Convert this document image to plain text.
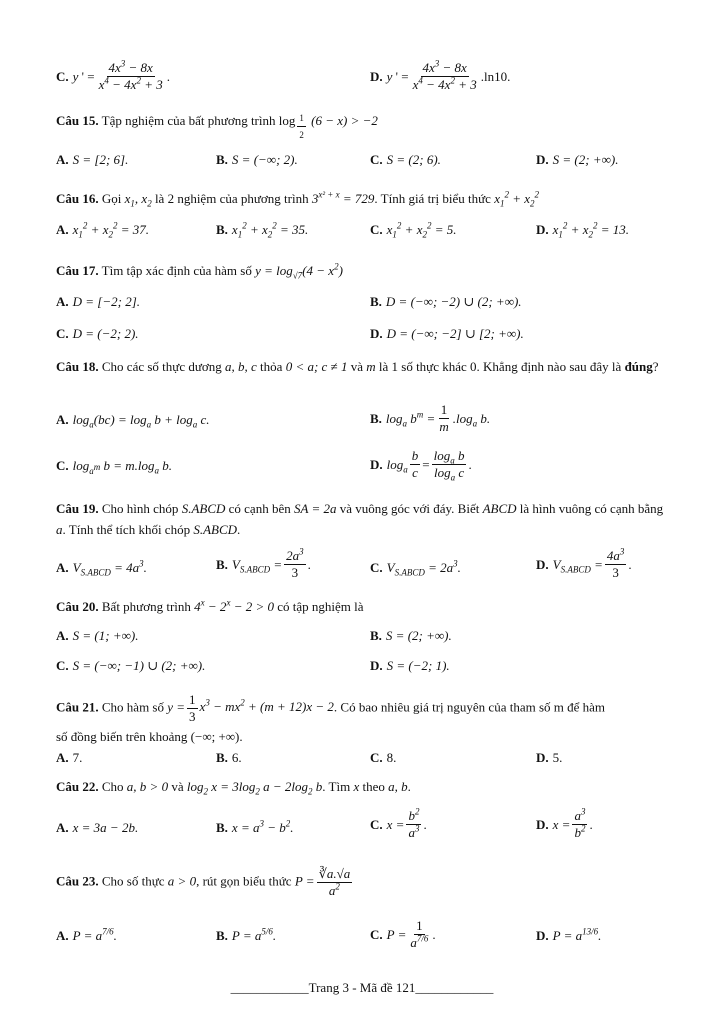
C. y ' = $\frac{4x^3 - 8x}{x^4 - 4x^2 + 3}$ .	D. y ' = $\frac{4x^3 - 8x}{x^4 - 4x^2 + 3} .\ln 10$.
Câu 15. Tập nghiệm của bất phương trình log $_{\frac{1}{2}}$ (6 − x) > −2
A. S = [2; 6].	B. S = (−∞; 2).	C. S = (2; 6).	D. S = (2; +∞).
Câu 16. Gọi $x_1$, $x_2$ là 2 nghiệm của phương trình $3^{x^2 + x} = 729$. Tính giá trị biểu thức $x_1^2 + x_2^2$
A. $x_1^2 + x_2^2 = 37$.	B. $x_1^2 + x_2^2 = 35$.	C. $x_1^2 + x_2^2 = 5$.	D. $x_1^2 + x_2^2 = 13$.
Câu 17. Tìm tập xác định của hàm số $y = \log_{√7}(4 - x^2)$
A. D = [−2; 2].	B. D = (−∞; −2) ∪ (2; +∞).
C. D = (−2; 2).	D. D = (−∞; −2] ∪ [2; +∞).
Câu 18. Cho các số thực dương a, b, c thỏa 0 < a; c ≠ 1 và m là 1 số thực khác 0. Khẳng định nào sau đây là đúng?
A. $\log_a(bc) = \log_a b + \log_a c$.	B. $\log_a b^m = \frac{1}{m} .\log_a$ b.
C. $\log_{a^m} b = m.\log_a$ b.	D. $\log_a \frac{b}{c} = \frac{\log_a b}{\log_a c}$ .
Câu 19. Cho hình chóp S.ABCD có cạnh bên SA = 2a và vuông góc với đáy. Biết ABCD là hình vuông có cạnh bằng a. Tính thể tích khối chóp S.ABCD.
A. $V_{S.ABCD} = 4a^3$.	B. $V_{S.ABCD} = \frac{2a^3}{3}$ .	C. $V_{S.ABCD} = 2a^3$.	D. $V_{S.ABCD} = \frac{4a^3}{3}$ .
Câu 20. Bất phương trình $4^x - 2^x - 2 > 0$ có tập nghiệm là
A. S = (1; +∞).	B. S = (2; +∞).
C. S = (−∞; −1) ∪ (2; +∞).	D. S = (−2; 1).
Câu 21. Cho hàm số $y = \frac{1}{3} x^3 - mx^2 + (m + 12)x - 2$. Có bao nhiêu giá trị nguyên của tham số m để hàm
số đồng biến trên khoảng (−∞; +∞).
A. 7.	B. 6.	C. 8.	D. 5.
Câu 22. Cho a, b > 0 và $\log_2 x = 3\log_2$ $a - 2\log_2$ b. Tìm x theo a, b.
A. x = 3a − 2b.	B. $x = a^3 - b^2$.	C. $x = \frac{b^2}{a^3}$ .	D. $x = \frac{a^3}{b^2}$ .
Câu 23. Cho số thực a > 0, rút gọn biểu thức $P = \frac{∛a.√a}{a^2}$
A. $P = a^{7/6}$.	B. $P = a^{5/6}$.	C. $P = \frac{1}{a^{7/6}}$ .	D. $P = a^{13/6}$.
____________Trang 3 - Mã đề 121____________
